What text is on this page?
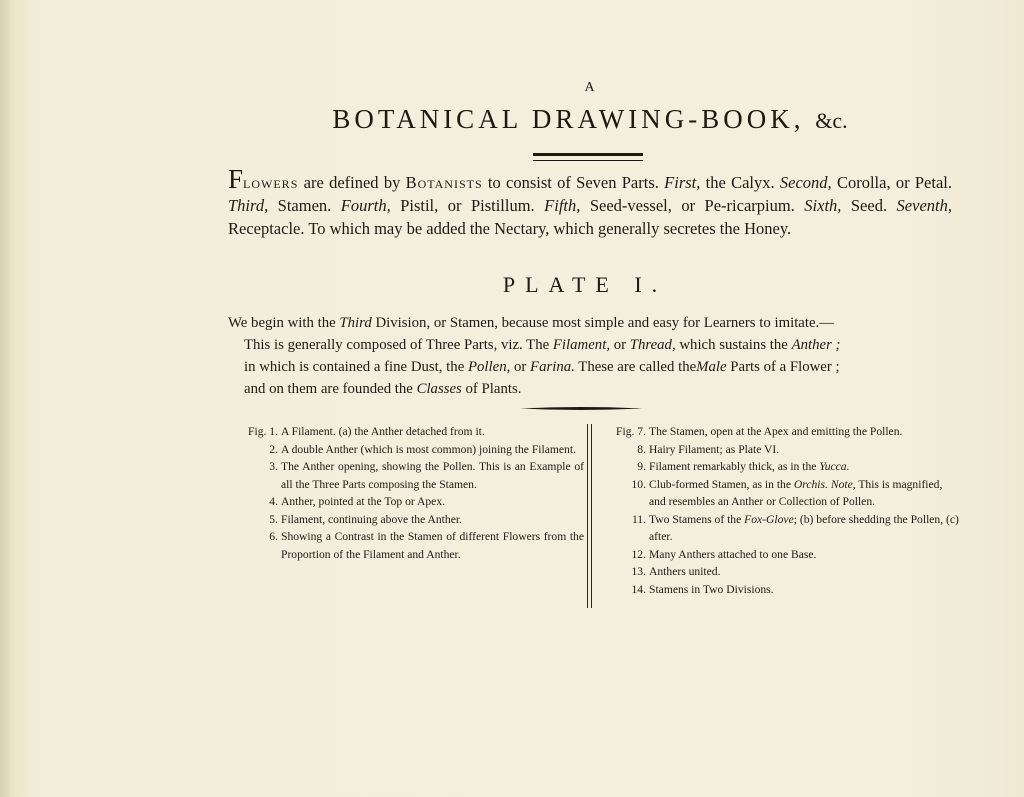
A
BOTANICAL DRAWING-BOOK, &c.
Flowers are defined by Botanists to consist of Seven Parts. First, the Calyx. Second, Corolla, or Petal. Third, Stamen. Fourth, Pistil, or Pistillum. Fifth, Seed-vessel, or Pe-ricarpium. Sixth, Seed. Seventh, Receptacle. To which may be added the Nectary, which generally secretes the Honey.
PLATE I.

We begin with the Third Division, or Stamen, because most simple and easy for Learners to imitate.—

This is generally composed of Three Parts, viz. The Filament, or Thread, which sustains the Anther ;

in which is contained a fine Dust, the Pollen, or Farina. These are called theMale Parts of a Flower ;

and on them are founded the Classes of Plants.

Fig. 1. A Filament. (a) the Anther detached from it.
2. A double Anther (which is most common) joining the Filament.
3. The Anther opening, showing the Pollen. This is an Example of all the Three Parts composing the Stamen.
4. Anther, pointed at the Top or Apex.
5. Filament, continuing above the Anther.
6. Showing a Contrast in the Stamen of different Flowers from the Proportion of the Filament and Anther.
Fig. 7. The Stamen, open at the Apex and emitting the Pollen.
8. Hairy Filament; as Plate VI.
9. Filament remarkably thick, as in the Yucca.
10. Club-formed Stamen, as in the Orchis. Note, This is magnified, and resembles an Anther or Collection of Pollen.
11. Two Stamens of the Fox-Glove; (b) before shedding the Pollen, (c) after.
12. Many Anthers attached to one Base.
13. Anthers united.
14. Stamens in Two Divisions.
